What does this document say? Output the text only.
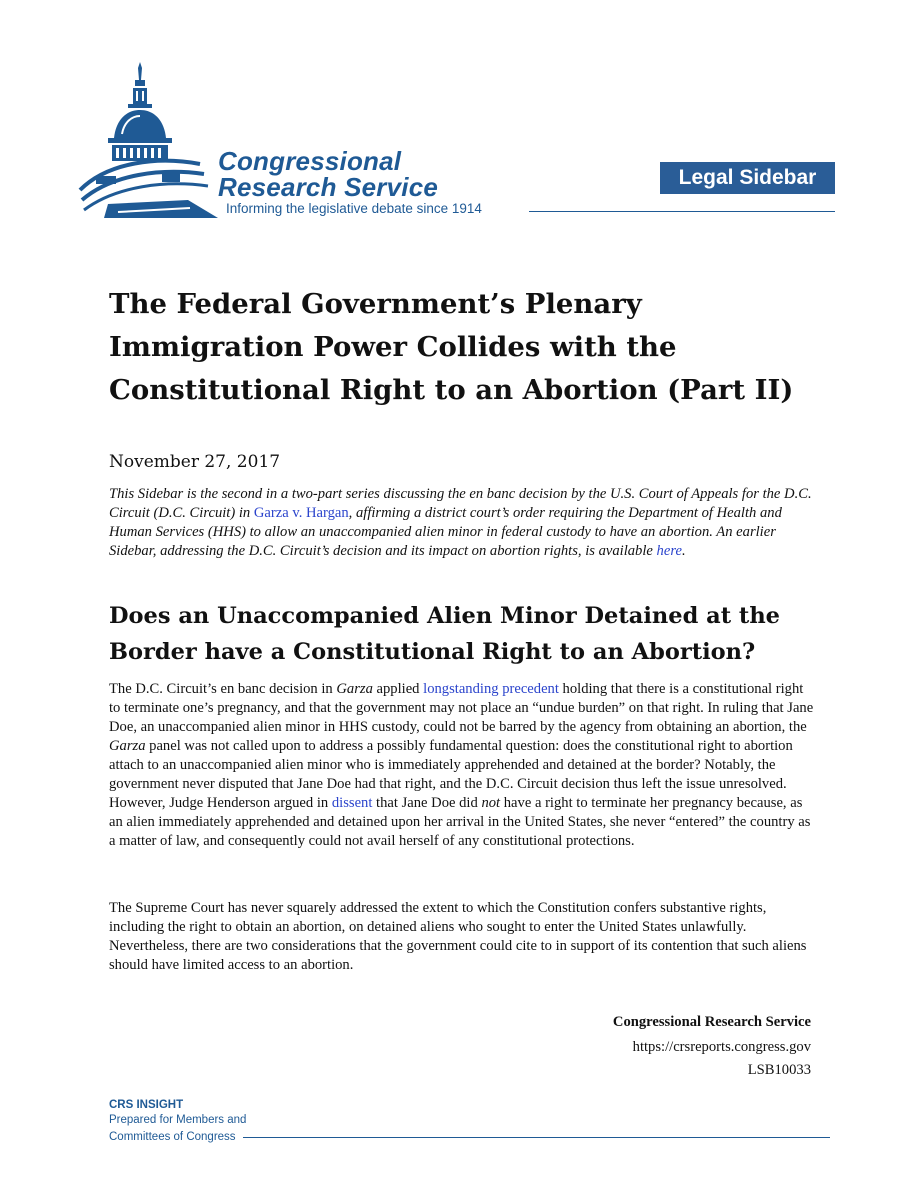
Congressional
Research Service
Informing the legislative debate since 1914
Legal Sidebar
The Federal Government’s Plenary
Immigration Power Collides with the
Constitutional Right to an Abortion (Part II)
November 27, 2017
This Sidebar is the second in a two-part series discussing the en banc decision by the U.S. Court of Appeals for the D.C. Circuit (D.C. Circuit) in Garza v. Hargan, affirming a district court’s order requiring the Department of Health and Human Services (HHS) to allow an unaccompanied alien minor in federal custody to have an abortion. An earlier Sidebar, addressing the D.C. Circuit’s decision and its impact on abortion rights, is available here.
Does an Unaccompanied Alien Minor Detained at the
Border have a Constitutional Right to an Abortion?
The D.C. Circuit’s en banc decision in Garza applied longstanding precedent holding that there is a constitutional right to terminate one’s pregnancy, and that the government may not place an “undue burden” on that right. In ruling that Jane Doe, an unaccompanied alien minor in HHS custody, could not be barred by the agency from obtaining an abortion, the Garza panel was not called upon to address a possibly fundamental question: does the constitutional right to abortion attach to an unaccompanied alien minor who is immediately apprehended and detained at the border? Notably, the government never disputed that Jane Doe had that right, and the D.C. Circuit decision thus left the issue unresolved. However, Judge Henderson argued in dissent that Jane Doe did not have a right to terminate her pregnancy because, as an alien immediately apprehended and detained upon her arrival in the United States, she never “entered” the country as a matter of law, and consequently could not avail herself of any constitutional protections.
The Supreme Court has never squarely addressed the extent to which the Constitution confers substantive rights, including the right to obtain an abortion, on detained aliens who sought to enter the United States unlawfully. Nevertheless, there are two considerations that the government could cite to in support of its contention that such aliens should have limited access to an abortion.
Congressional Research Service
https://crsreports.congress.gov
LSB10033
CRS INSIGHT
Prepared for Members and
Committees of Congress
